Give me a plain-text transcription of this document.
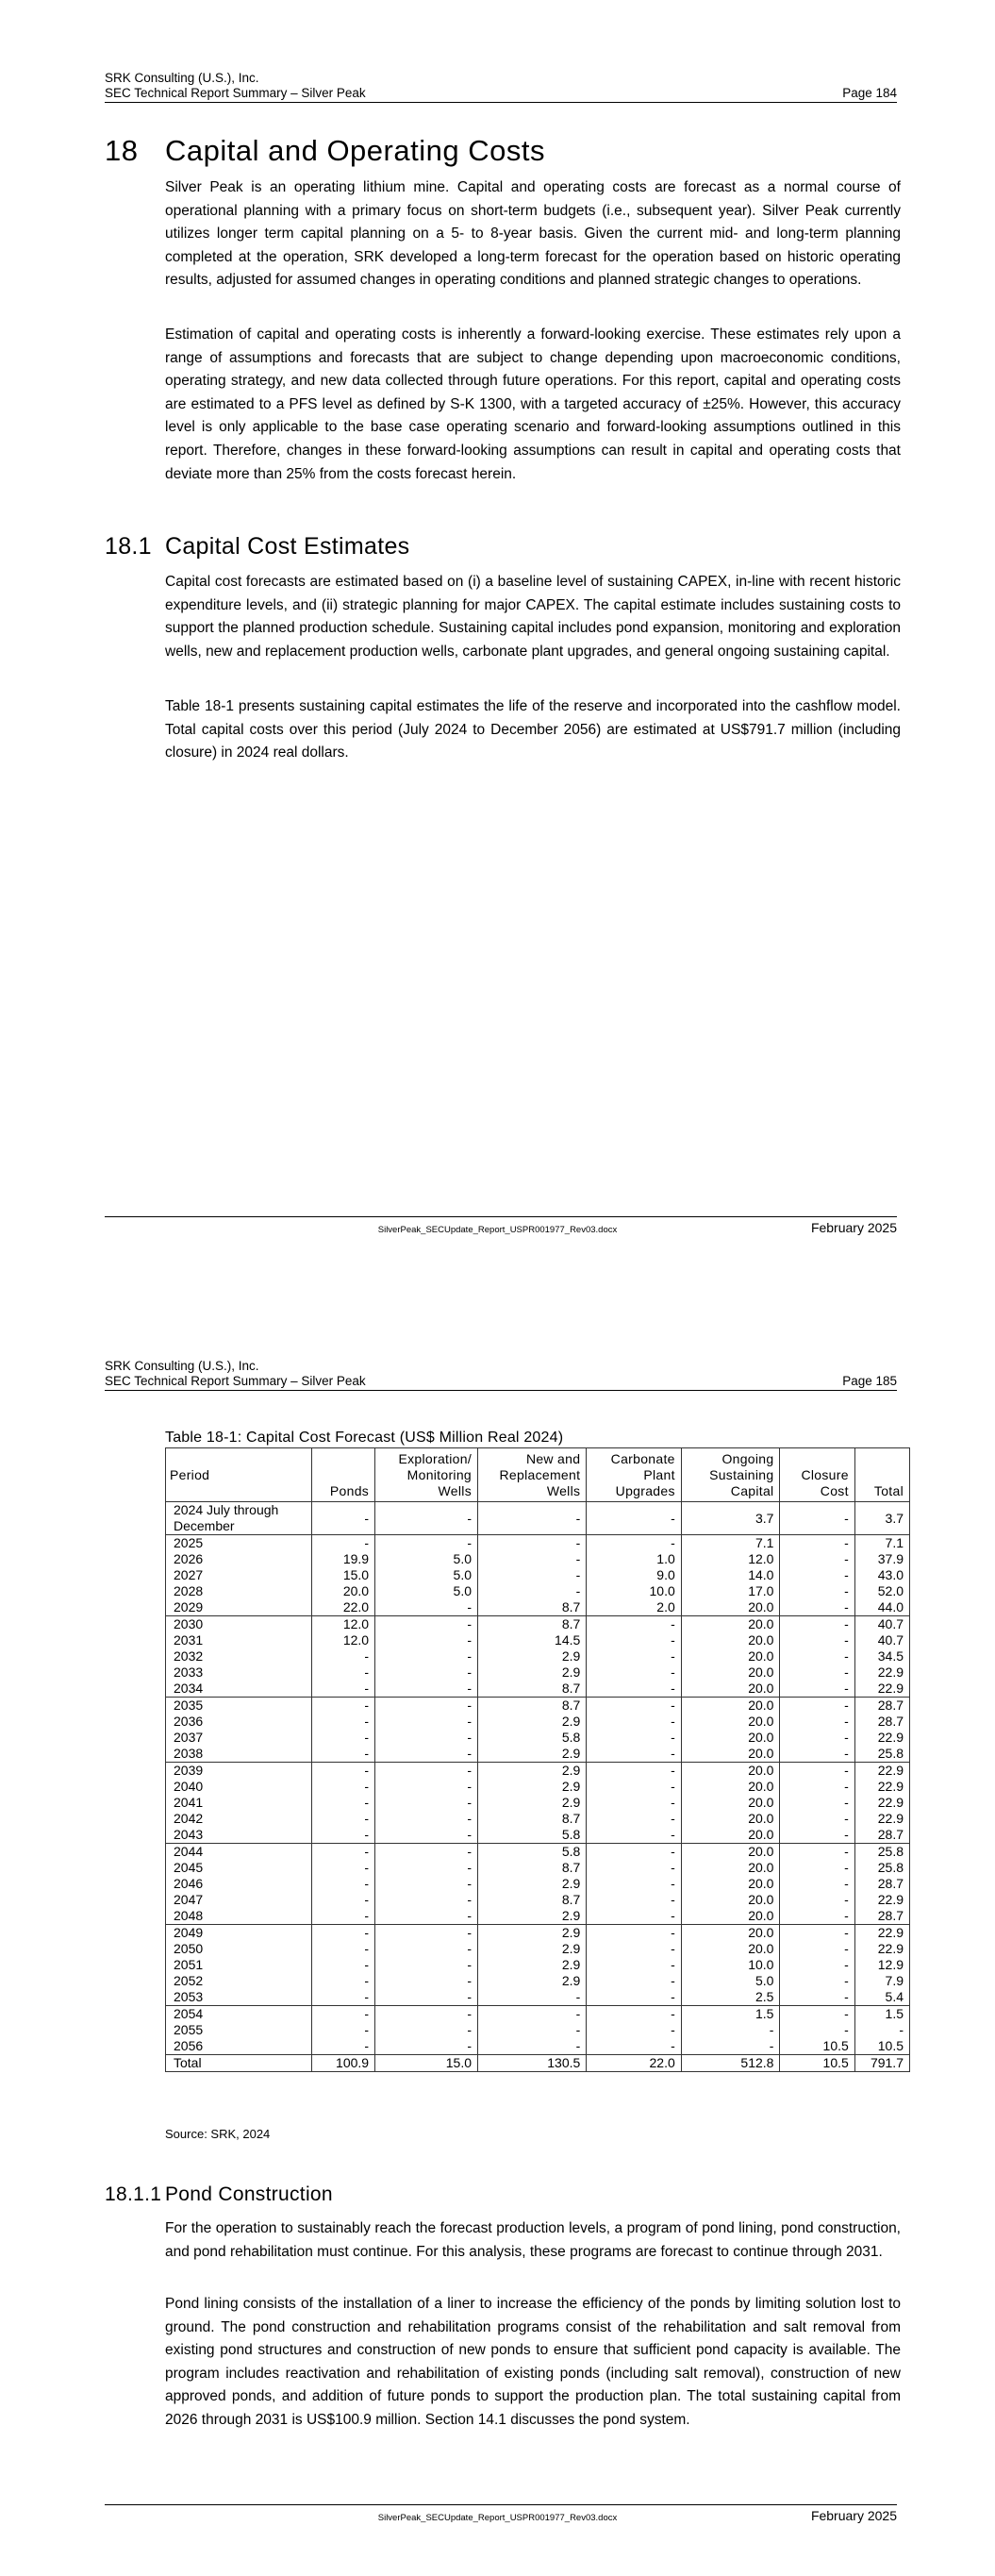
SRK Consulting (U.S.), Inc.
SEC Technical Report Summary – Silver Peak	Page 184
18 Capital and Operating Costs

Silver Peak is an operating lithium mine. Capital and operating costs are forecast as a normal course of operational planning with a primary focus on short-term budgets (i.e., subsequent year). Silver Peak currently utilizes longer term capital planning on a 5- to 8-year basis. Given the current mid- and long-term planning completed at the operation, SRK developed a long-term forecast for the operation based on historic operating results, adjusted for assumed changes in operating conditions and planned strategic changes to operations.

Estimation of capital and operating costs is inherently a forward-looking exercise. These estimates rely upon a range of assumptions and forecasts that are subject to change depending upon macroeconomic conditions, operating strategy, and new data collected through future operations. For this report, capital and operating costs are estimated to a PFS level as defined by S-K 1300, with a targeted accuracy of ±25%. However, this accuracy level is only applicable to the base case operating scenario and forward-looking assumptions outlined in this report. Therefore, changes in these forward-looking assumptions can result in capital and operating costs that deviate more than 25% from the costs forecast herein.

18.1 Capital Cost Estimates

Capital cost forecasts are estimated based on (i) a baseline level of sustaining CAPEX, in-line with recent historic expenditure levels, and (ii) strategic planning for major CAPEX. The capital estimate includes sustaining costs to support the planned production schedule. Sustaining capital includes pond expansion, monitoring and exploration wells, new and replacement production wells, carbonate plant upgrades, and general ongoing sustaining capital.

Table 18-1 presents sustaining capital estimates the life of the reserve and incorporated into the cashflow model. Total capital costs over this period (July 2024 to December 2056) are estimated at US$791.7 million (including closure) in 2024 real dollars.

SilverPeak_SECUpdate_Report_USPR001977_Rev03.docx	February 2025
SRK Consulting (U.S.), Inc.
SEC Technical Report Summary – Silver Peak	Page 185
18.1.1 Pond Construction

For the operation to sustainably reach the forecast production levels, a program of pond lining, pond construction, and pond rehabilitation must continue. For this analysis, these programs are forecast to continue through 2031.

Pond lining consists of the installation of a liner to increase the efficiency of the ponds by limiting solution lost to ground. The pond construction and rehabilitation programs consist of the rehabilitation and salt removal from existing pond structures and construction of new ponds to ensure that sufficient pond capacity is available. The program includes reactivation and rehabilitation of existing ponds (including salt removal), construction of new approved ponds, and addition of future ponds to support the production plan. The total sustaining capital from 2026 through 2031 is US$100.9 million. Section 14.1 discusses the pond system.

SilverPeak_SECUpdate_Report_USPR001977_Rev03.docx	February 2025
Table 18-1: Capital Cost Forecast (US$ Million Real 2024)
Period	Ponds	Exploration/ Monitoring Wells	New and Replacement Wells	Carbonate Plant Upgrades	Ongoing Sustaining Capital	Closure Cost	Total
2024 July through December	-	-	-	-	3.7	-	3.7
2025	-	-	-	-	7.1	-	7.1
2026	19.9	5.0	-	1.0	12.0	-	37.9
2027	15.0	5.0	-	9.0	14.0	-	43.0
2028	20.0	5.0	-	10.0	17.0	-	52.0
2029	22.0	-	8.7	2.0	20.0	-	44.0
2030	12.0	-	8.7	-	20.0	-	40.7
2031	12.0	-	14.5	-	20.0	-	40.7
2032	-	-	2.9	-	20.0	-	34.5
2033	-	-	2.9	-	20.0	-	22.9
2034	-	-	8.7	-	20.0	-	22.9
2035	-	-	8.7	-	20.0	-	28.7
2036	-	-	2.9	-	20.0	-	28.7
2037	-	-	5.8	-	20.0	-	22.9
2038	-	-	2.9	-	20.0	-	25.8
2039	-	-	2.9	-	20.0	-	22.9
2040	-	-	2.9	-	20.0	-	22.9
2041	-	-	2.9	-	20.0	-	22.9
2042	-	-	8.7	-	20.0	-	22.9
2043	-	-	5.8	-	20.0	-	28.7
2044	-	-	5.8	-	20.0	-	25.8
2045	-	-	8.7	-	20.0	-	25.8
2046	-	-	2.9	-	20.0	-	28.7
2047	-	-	8.7	-	20.0	-	22.9
2048	-	-	2.9	-	20.0	-	28.7
2049	-	-	2.9	-	20.0	-	22.9
2050	-	-	2.9	-	20.0	-	22.9
2051	-	-	2.9	-	10.0	-	12.9
2052	-	-	2.9	-	5.0	-	7.9
2053	-	-	-	-	2.5	-	5.4
2054	-	-	-	-	1.5	-	1.5
2055	-	-	-	-	-	-	-
2056	-	-	-	-	-	10.5	10.5
Total	100.9	15.0	130.5	22.0	512.8	10.5	791.7
Source: SRK, 2024
